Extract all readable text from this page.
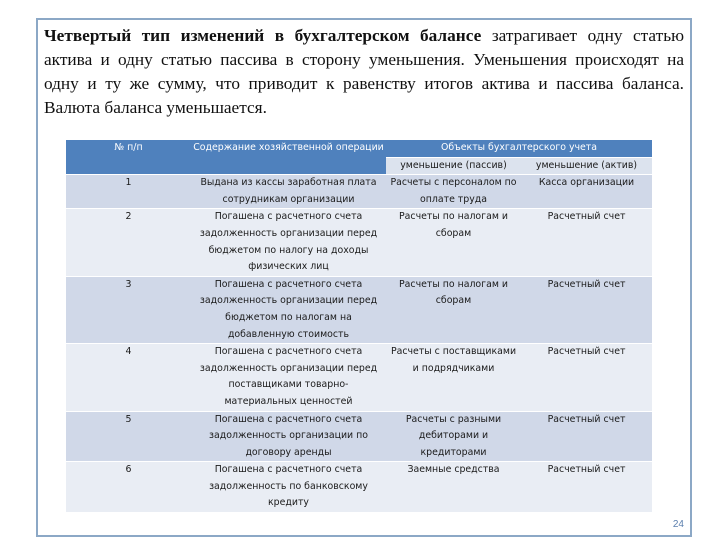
Четвертый тип изменений в бухгалтерском балансе затрагивает одну статью актива и одну статью пассива в сторону уменьшения. Уменьшения происходят на одну и ту же сумму, что приводит к равенству итогов актива и пассива баланса. Валюта баланса уменьшается.
№ п/п	Содержание хозяйственной операции	Объекты бухгалтерского учета	
		уменьшение (пассив)	уменьшение (актив)
1	Выдана из кассы заработная плата сотрудникам организации	Расчеты с персоналом по оплате труда	Касса организации
2	Погашена с расчетного счета задолженность организации перед бюджетом по налогу на доходы физических лиц	Расчеты по налогам и сборам	Расчетный счет
3	Погашена с расчетного счета задолженность организации перед бюджетом по налогам на добавленную стоимость	Расчеты по налогам и сборам	Расчетный счет
4	Погашена с расчетного счета задолженность организации перед поставщиками товарно-материальных ценностей	Расчеты с поставщиками и подрядчиками	Расчетный счет
5	Погашена с расчетного счета задолженность организации по договору аренды	Расчеты с разными дебиторами и кредиторами	Расчетный счет
6	Погашена с расчетного счета задолженность по банковскому кредиту	Заемные средства	Расчетный счет
24
